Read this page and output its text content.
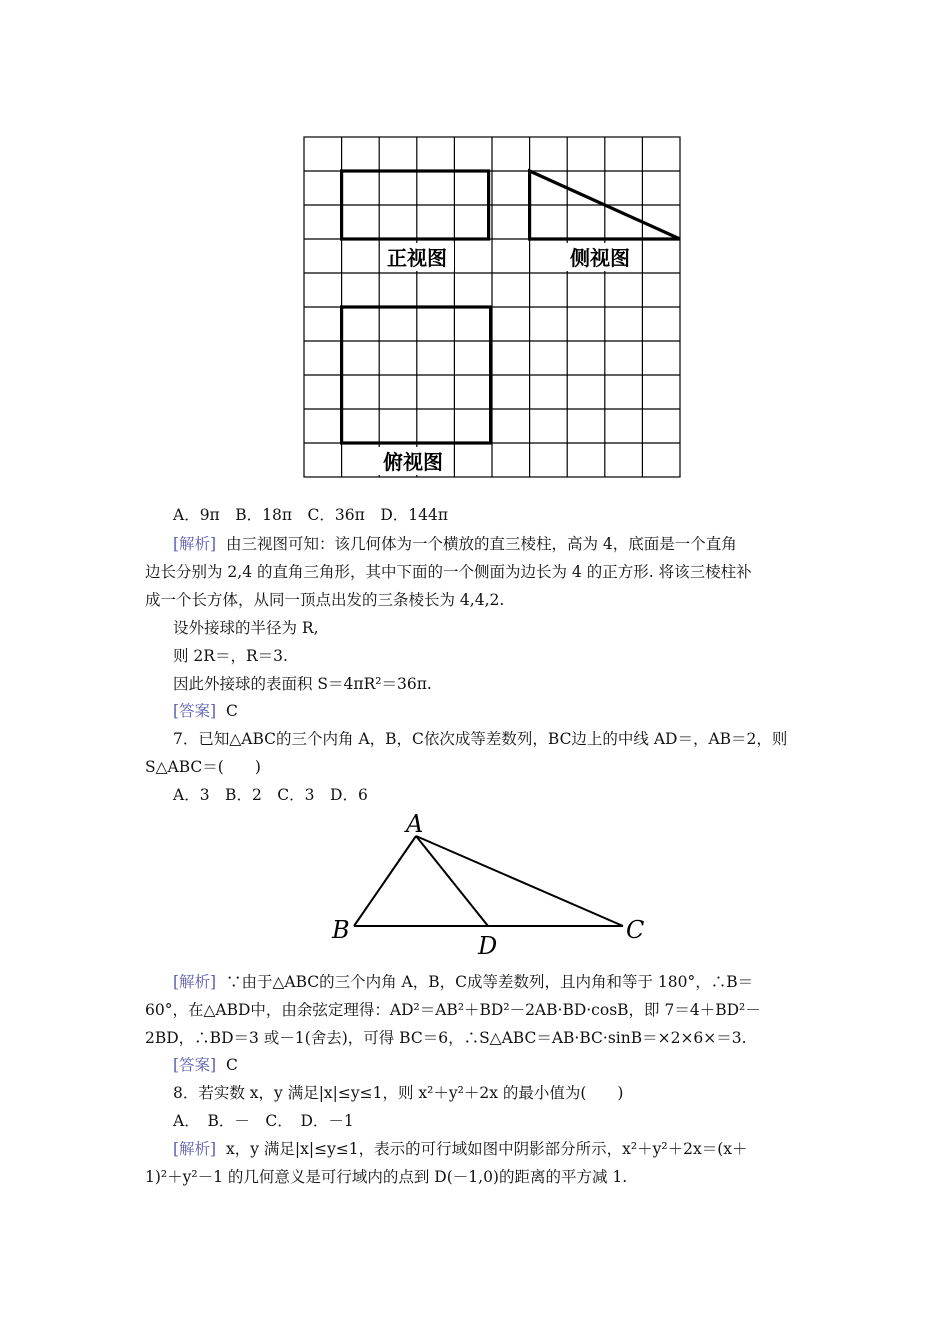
正视图	侧视图
俯视图
A．9π　B．18π　C．36π　D．144π
[解析] 由三视图可知：该几何体为一个横放的直三棱柱，高为 4，底面是一个直角
边长分别为 2,4 的直角三角形，其中下面的一个侧面为边长为 4 的正方形. 将该三棱柱补
成一个长方体，从同一顶点出发的三条棱长为 4,4,2.
设外接球的半径为 R,
则 2R＝，R＝3.
因此外接球的表面积 S＝4πR²＝36π.
[答案] C
7．已知△ABC的三个内角 A，B，C依次成等差数列，BC边上的中线 AD＝，AB＝2，则
S△ABC＝(　　)
A．3　B．2　C．3　D．6
A
B	C
D
[解析] ∵由于△ABC的三个内角 A，B，C成等差数列，且内角和等于 180°，∴B＝
60°，在△ABD中，由余弦定理得：AD²＝AB²＋BD²－2AB·BD·cosB，即 7＝4＋BD²－
2BD，∴BD＝3 或－1(舍去)，可得 BC＝6，∴S△ABC＝AB·BC·sinB＝×2×6×＝3.
[答案] C
8．若实数 x，y 满足|x|≤y≤1，则 x²＋y²＋2x 的最小值为(　　)
A．　B．－　C．　D．－1
[解析] x，y 满足|x|≤y≤1，表示的可行域如图中阴影部分所示，x²＋y²＋2x＝(x＋
1)²＋y²－1 的几何意义是可行域内的点到 D(－1,0)的距离的平方减 1.
